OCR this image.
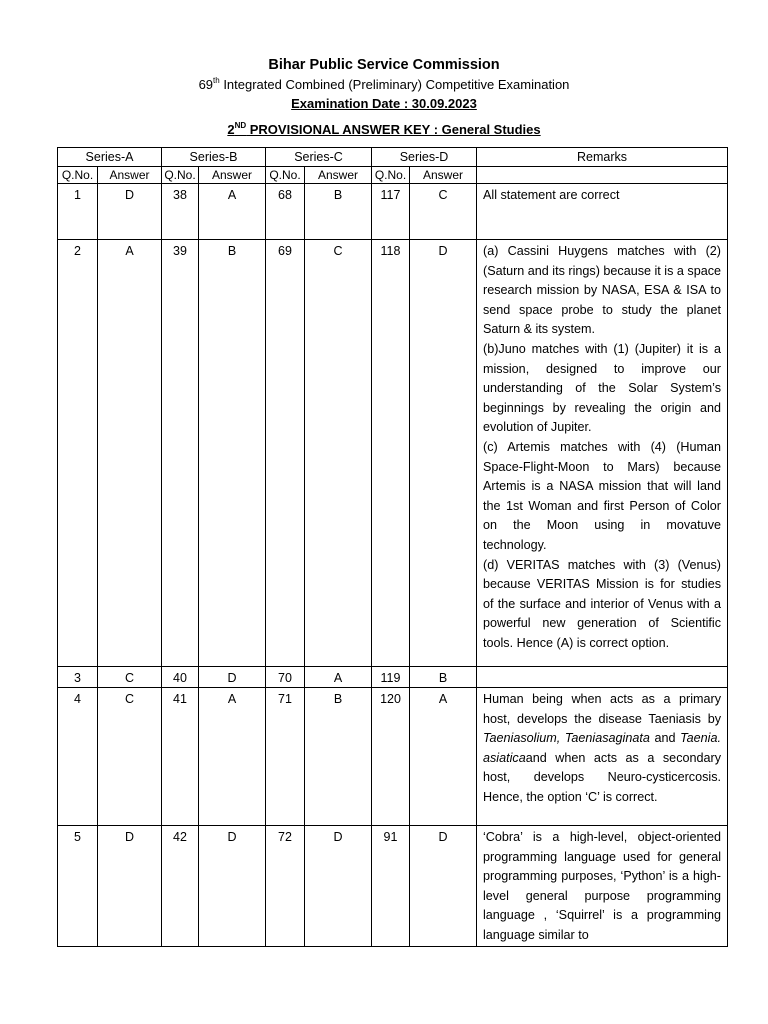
Bihar Public Service Commission
69th Integrated Combined (Preliminary) Competitive Examination
Examination Date : 30.09.2023
2ND PROVISIONAL ANSWER KEY : General Studies
Series-A		Series-B		Series-C		Series-D		Remarks
Q.No.	Answer	Q.No.	Answer	Q.No.	Answer	Q.No.	Answer	
1	D	38	A	68	B	117	C	All statement are correct

2	A	39	B	69	C	118	D	(a) Cassini Huygens matches with (2) (Saturn and its rings) because it is a space research mission by NASA, ESA & ISA to send space probe to study the planet Saturn & its system.
(b)Juno matches with (1) (Jupiter) it is a mission, designed to improve our understanding of the Solar System’s beginnings by revealing the origin and evolution of Jupiter.
(c) Artemis matches with (4) (Human Space-Flight-Moon to Mars) because Artemis is a NASA mission that will land the 1st Woman and first Person of Color on the Moon using in movatuve technology.
(d) VERITAS matches with (3) (Venus) because VERITAS Mission is for studies of the surface and interior of Venus with a powerful new generation of Scientific tools. Hence (A) is correct option.

3	C	40	D	70	A	119	B	
4	C	41	A	71	B	120	A	Human being when acts as a primary host, develops the disease Taeniasis by Taeniasolium, Taeniasaginata and Taenia. asiaticaand when acts as a secondary host, develops Neuro-cysticercosis. Hence, the option ‘C’ is correct.
5	D	42	D	72	D	91	D	‘Cobra’ is a high-level, object-oriented programming language used for general programming purposes, ‘Python’ is a high-level general purpose programming language , ‘Squirrel’ is a programming language similar to
